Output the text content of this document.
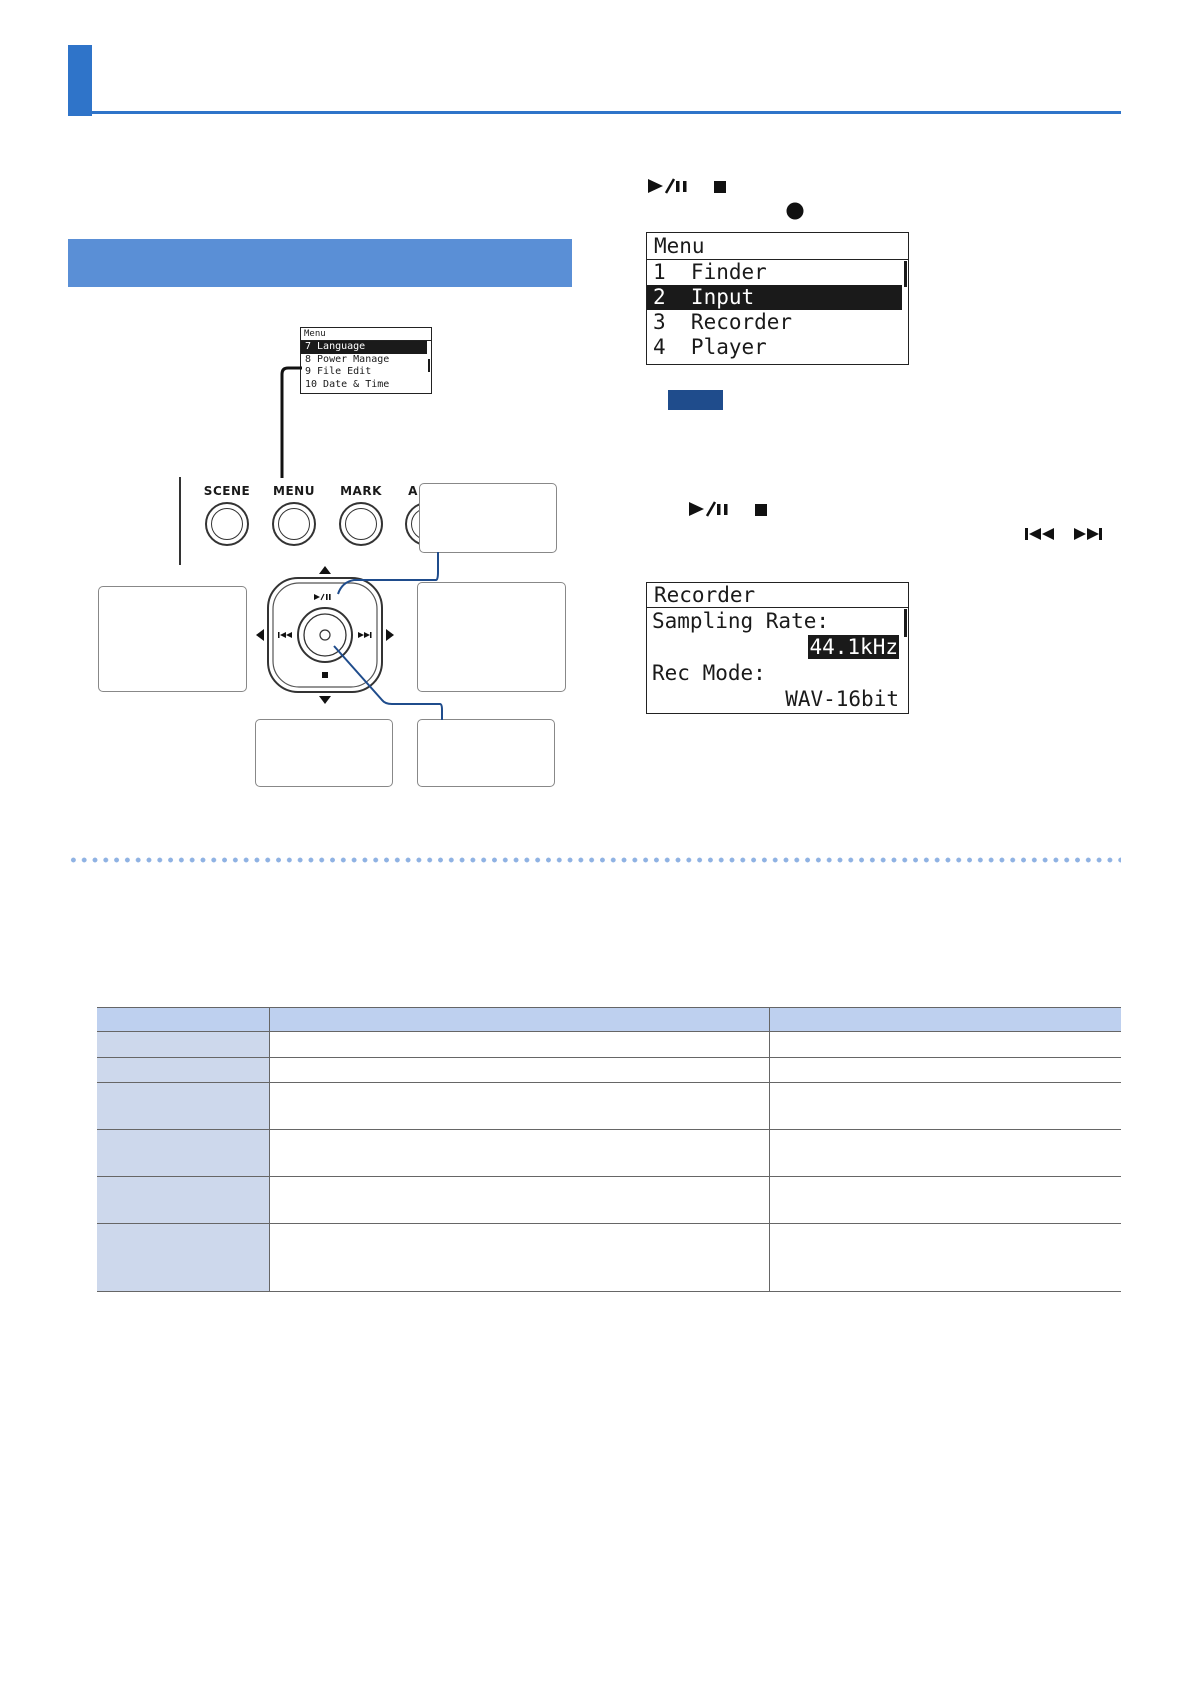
Menu
1  Finder
2  Input
3  Recorder
4  Player
Recorder
Sampling Rate:
44.1kHz
Rec Mode:
WAV-16bit
Menu
7 Language
8 Power Manage
9 File Edit
10 Date & Time
SCENE	MENU	MARK	A
